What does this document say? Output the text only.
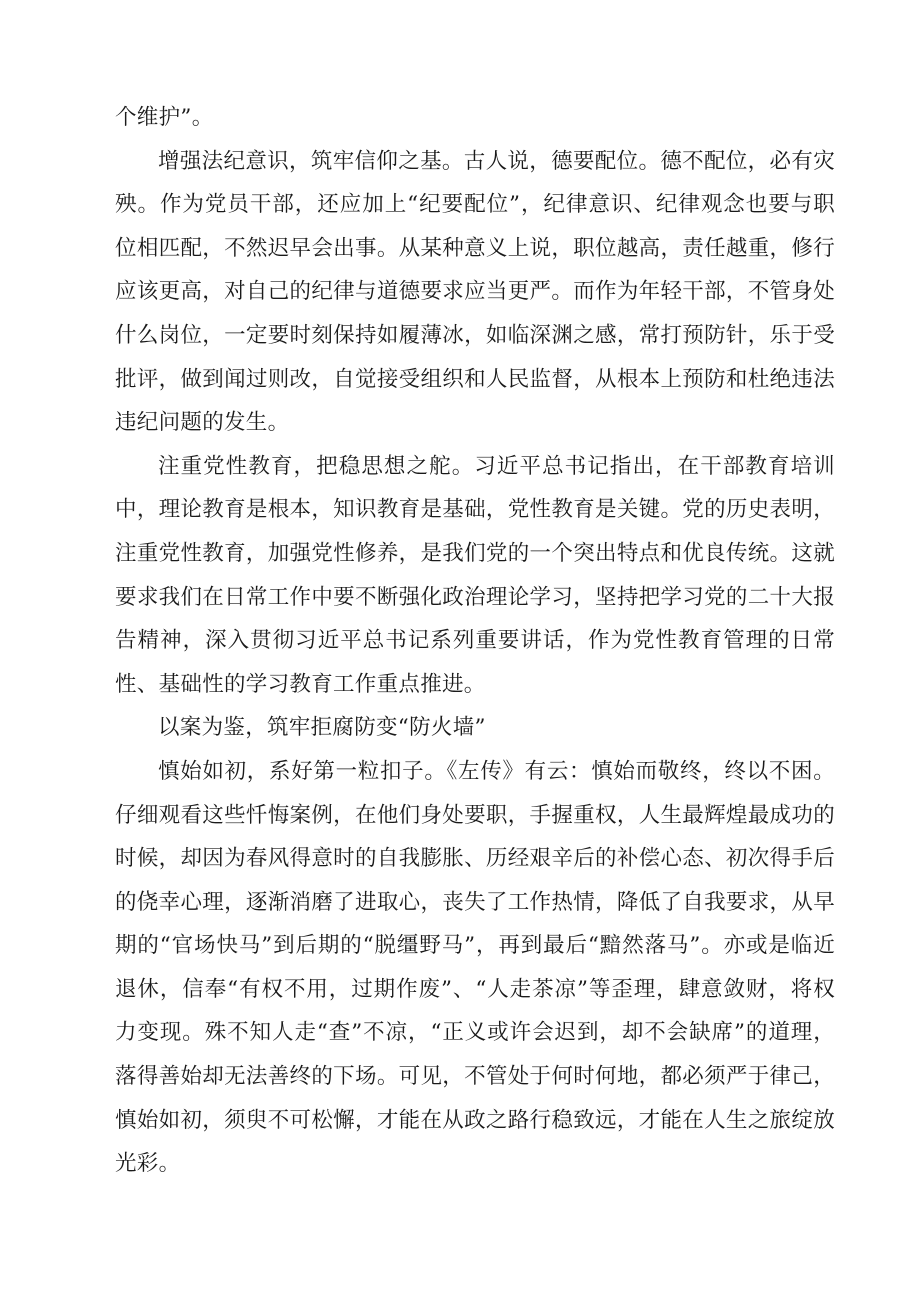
个维护”。

增强法纪意识，筑牢信仰之基。古人说，德要配位。德不配位，必有灾殃。作为党员干部，还应加上“纪要配位”，纪律意识、纪律观念也要与职位相匹配，不然迟早会出事。从某种意义上说，职位越高，责任越重，修行应该更高，对自己的纪律与道德要求应当更严。而作为年轻干部，不管身处什么岗位，一定要时刻保持如履薄冰，如临深渊之感，常打预防针，乐于受批评，做到闻过则改，自觉接受组织和人民监督，从根本上预防和杜绝违法违纪问题的发生。

注重党性教育，把稳思想之舵。习近平总书记指出，在干部教育培训中，理论教育是根本，知识教育是基础，党性教育是关键。党的历史表明，注重党性教育，加强党性修养，是我们党的一个突出特点和优良传统。这就要求我们在日常工作中要不断强化政治理论学习，坚持把学习党的二十大报告精神，深入贯彻习近平总书记系列重要讲话，作为党性教育管理的日常性、基础性的学习教育工作重点推进。

以案为鉴，筑牢拒腐防变“防火墙”

慎始如初，系好第一粒扣子。《左传》有云：慎始而敬终，终以不困。仔细观看这些忏悔案例，在他们身处要职，手握重权，人生最辉煌最成功的时候，却因为春风得意时的自我膨胀、历经艰辛后的补偿心态、初次得手后的侥幸心理，逐渐消磨了进取心，丧失了工作热情，降低了自我要求，从早期的“官场快马”到后期的“脱缰野马”，再到最后“黯然落马”。亦或是临近退休，信奉“有权不用，过期作废”、“人走茶凉”等歪理，肆意敛财，将权力变现。殊不知人走“查”不凉，“正义或许会迟到，却不会缺席”的道理，落得善始却无法善终的下场。可见，不管处于何时何地，都必须严于律己，慎始如初，须臾不可松懈，才能在从政之路行稳致远，才能在人生之旅绽放光彩。
